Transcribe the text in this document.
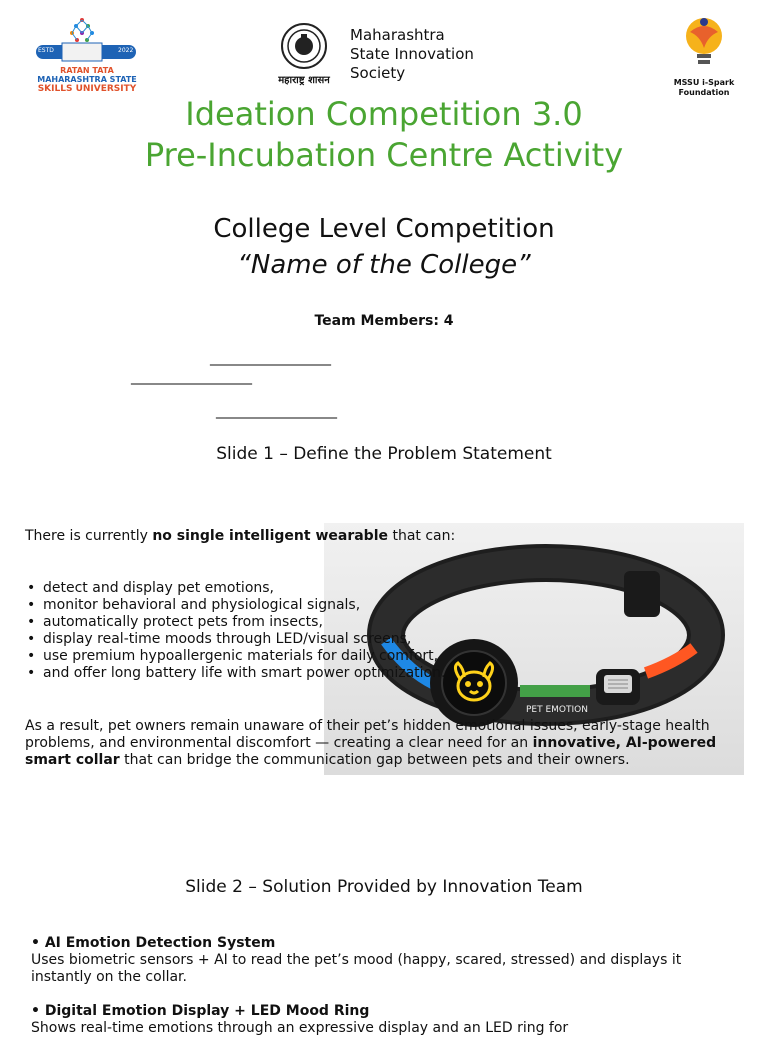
ESTD	2022
RATAN TATA
MAHARASHTRA STATE
SKILLS UNIVERSITY
महाराष्ट्र शासन
Maharashtra
State Innovation
Society
MSSU i-Spark
Foundation
Ideation Competition 3.0
Pre-Incubation Centre Activity
College Level Competition
“Name of the College”
Team Members: 4
____________________
____________________
____________________
Slide 1 – Define the Problem Statement
PET EMOTION
There is currently no single intelligent wearable that can:
• detect and display pet emotions,
• monitor behavioral and physiological signals,
• automatically protect pets from insects,
• display real-time moods through LED/visual screens,
• use premium hypoallergenic materials for daily comfort,
• and offer long battery life with smart power optimization.
As a result, pet owners remain unaware of their pet’s hidden emotional issues, early-stage health problems, and environmental discomfort — creating a clear need for an innovative, AI-powered smart collar that can bridge the communication gap between pets and their owners.
Slide 2 – Solution Provided by Innovation Team
• AI Emotion Detection System
Uses biometric sensors + AI to read the pet’s mood (happy, scared, stressed) and displays it instantly on the collar.
• Digital Emotion Display + LED Mood Ring
Shows real-time emotions through an expressive display and an LED ring for
